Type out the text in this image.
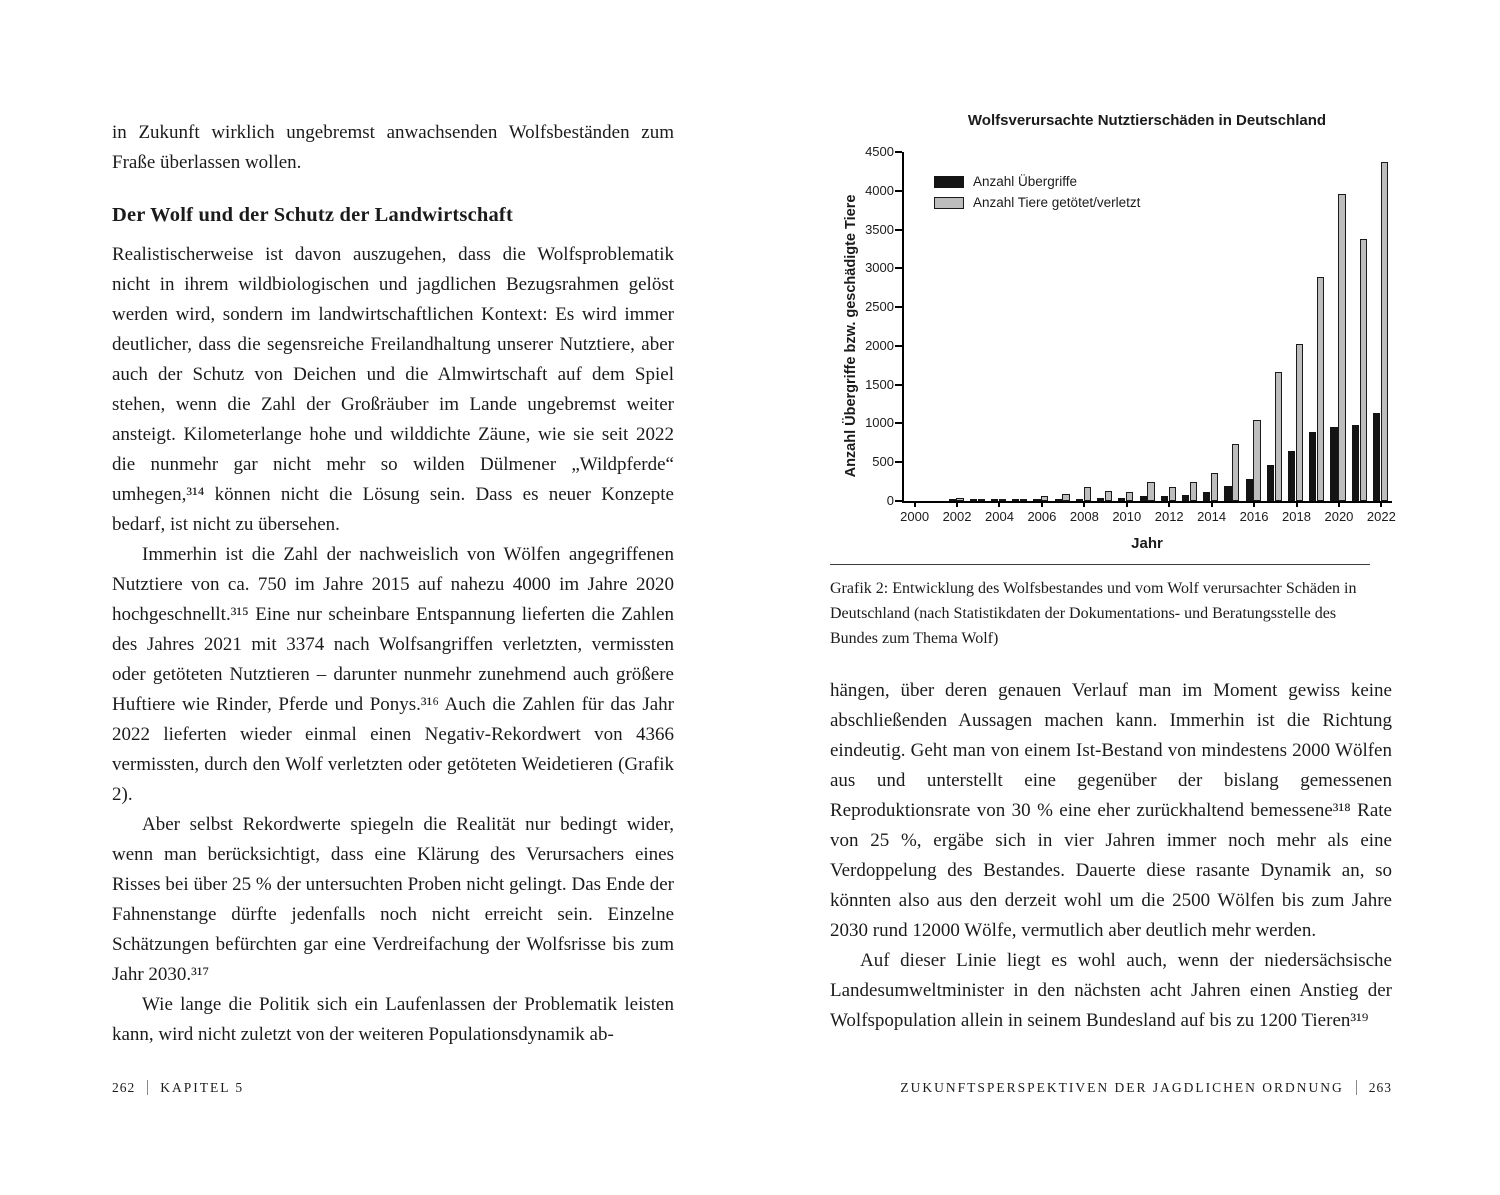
in Zukunft wirklich ungebremst anwachsenden Wolfsbeständen zum Fraße überlassen wollen.

Der Wolf und der Schutz der Landwirtschaft

Realistischerweise ist davon auszugehen, dass die Wolfsproblematik nicht in ihrem wildbiologischen und jagdlichen Bezugsrahmen gelöst werden wird, sondern im landwirtschaftlichen Kontext: Es wird immer deutlicher, dass die segensreiche Freilandhaltung unserer Nutztiere, aber auch der Schutz von Deichen und die Almwirtschaft auf dem Spiel stehen, wenn die Zahl der Großräuber im Lande ungebremst weiter ansteigt. Kilometerlange hohe und wilddichte Zäune, wie sie seit 2022 die nunmehr gar nicht mehr so wilden Dülmener „Wildpferde“ umhegen,³¹⁴ können nicht die Lösung sein. Dass es neuer Konzepte bedarf, ist nicht zu übersehen.

Immerhin ist die Zahl der nachweislich von Wölfen angegriffenen Nutztiere von ca. 750 im Jahre 2015 auf nahezu 4000 im Jahre 2020 hochgeschnellt.³¹⁵ Eine nur scheinbare Entspannung lieferten die Zahlen des Jahres 2021 mit 3374 nach Wolfsangriffen verletzten, vermissten oder getöteten Nutztieren – darunter nunmehr zunehmend auch größere Huftiere wie Rinder, Pferde und Ponys.³¹⁶ Auch die Zahlen für das Jahr 2022 lieferten wieder einmal einen Negativ-Rekordwert von 4366 vermissten, durch den Wolf verletzten oder getöteten Weidetieren (Grafik 2).

Aber selbst Rekordwerte spiegeln die Realität nur bedingt wider, wenn man berücksichtigt, dass eine Klärung des Verursachers eines Risses bei über 25 % der untersuchten Proben nicht gelingt. Das Ende der Fahnenstange dürfte jedenfalls noch nicht erreicht sein. Einzelne Schätzungen befürchten gar eine Verdreifachung der Wolfsrisse bis zum Jahr 2030.³¹⁷

Wie lange die Politik sich ein Laufenlassen der Problematik leisten kann, wird nicht zuletzt von der weiteren Populationsdynamik ab-

Wolfsverursachte Nutztierschäden in Deutschland
Anzahl Übergriffe bzw. geschädigte Tiere
Anzahl Übergriffe
Anzahl Tiere getötet/verletzt
0
500
1000
1500
2000
2500
3000
3500
4000
4500
2000	2002	2004	2006	2008	2010	2012	2014	2016	2018	2020	2022
Jahr
Grafik 2: Entwicklung des Wolfsbestandes und vom Wolf verursachter Schäden in Deutschland (nach Statistikdaten der Dokumentations- und Beratungsstelle des Bundes zum Thema Wolf)

hängen, über deren genauen Verlauf man im Moment gewiss keine abschließenden Aussagen machen kann. Immerhin ist die Richtung eindeutig. Geht man von einem Ist-Bestand von mindestens 2000 Wölfen aus und unterstellt eine gegenüber der bislang gemessenen Reproduktionsrate von 30 % eine eher zurückhaltend bemessene³¹⁸ Rate von 25 %, ergäbe sich in vier Jahren immer noch mehr als eine Verdoppelung des Bestandes. Dauerte diese rasante Dynamik an, so könnten also aus den derzeit wohl um die 2500 Wölfen bis zum Jahre 2030 rund 12000 Wölfe, vermutlich aber deutlich mehr werden.

Auf dieser Linie liegt es wohl auch, wenn der niedersächsische Landesumweltminister in den nächsten acht Jahren einen Anstieg der Wolfspopulation allein in seinem Bundesland auf bis zu 1200 Tieren³¹⁹

262 KAPITEL 5	ZUKUNFTSPERSPEKTIVEN DER JAGDLICHEN ORDNUNG 263
